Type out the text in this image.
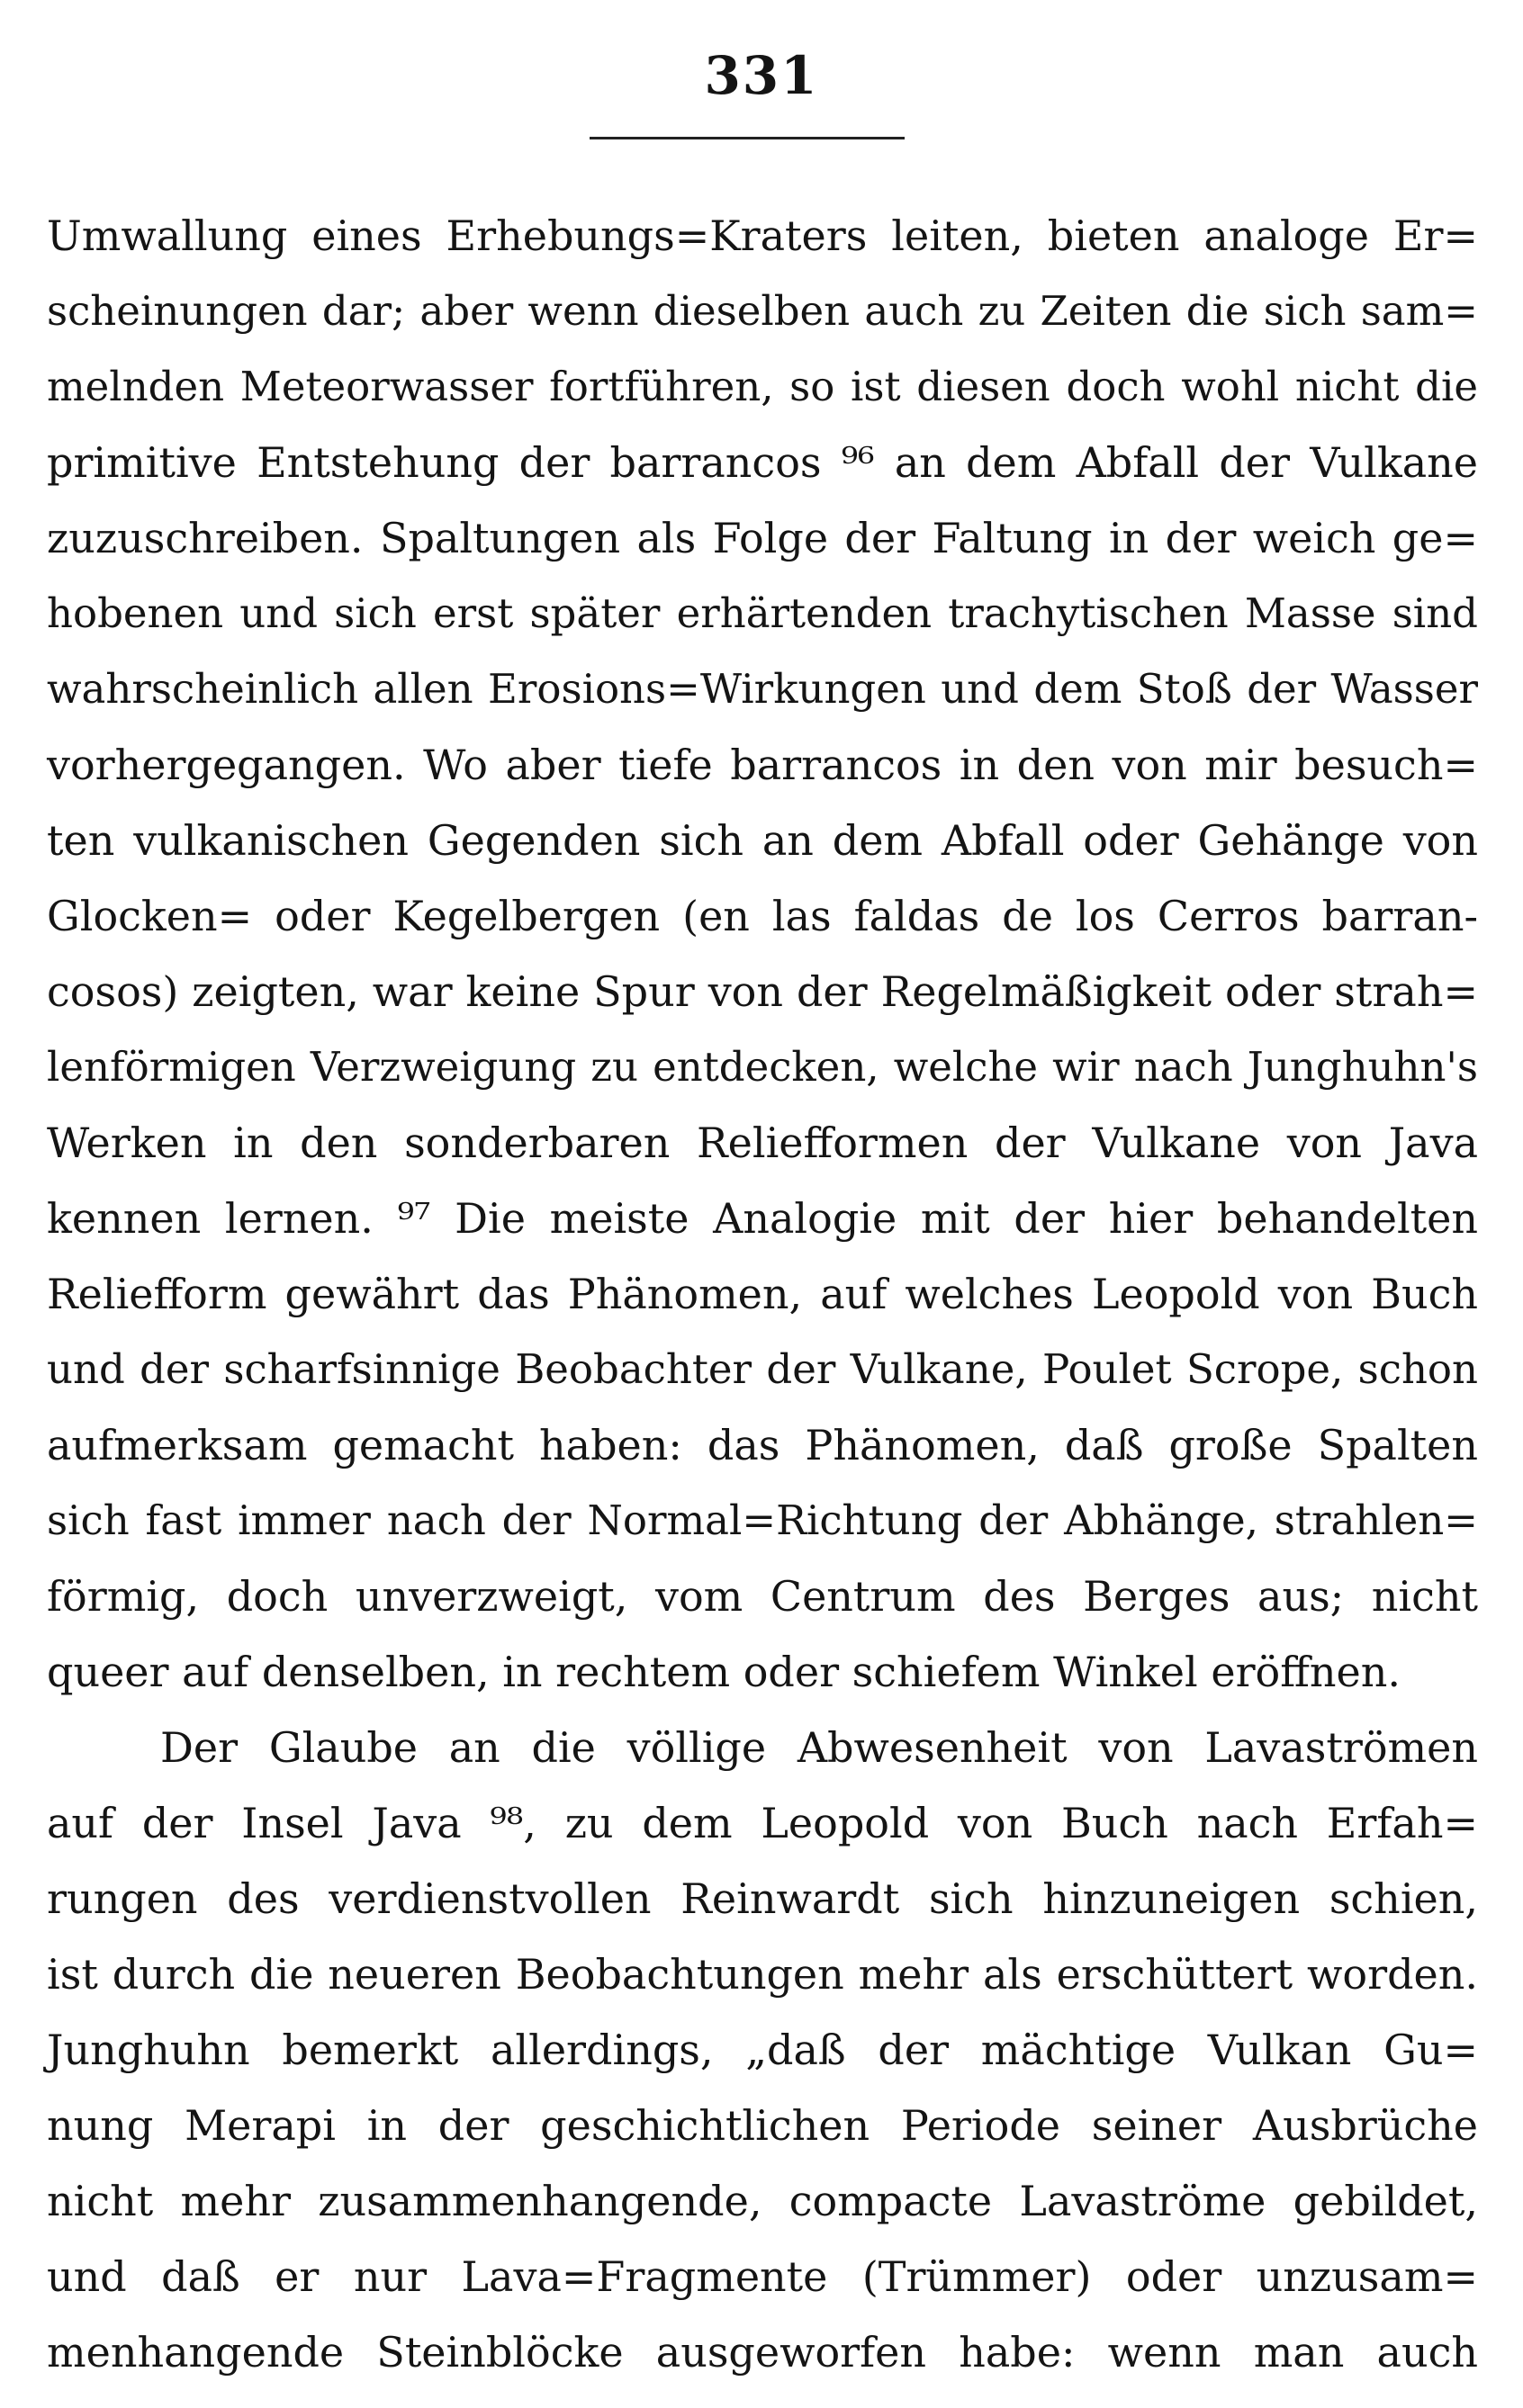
331
Umwallung eines Erhebungs=Kraters leiten, bieten analoge Er=
scheinungen dar; aber wenn dieselben auch zu Zeiten die sich sam=
melnden Meteorwasser fortführen, so ist diesen doch wohl nicht die
primitive Entstehung der barrancos ⁹⁶ an dem Abfall der Vulkane
zuzuschreiben. Spaltungen als Folge der Faltung in der weich ge=
hobenen und sich erst später erhärtenden trachytischen Masse sind
wahrscheinlich allen Erosions=Wirkungen und dem Stoß der Wasser
vorhergegangen. Wo aber tiefe barrancos in den von mir besuch=
ten vulkanischen Gegenden sich an dem Abfall oder Gehänge von
Glocken= oder Kegelbergen (en las faldas de los Cerros barran-
cosos) zeigten, war keine Spur von der Regelmäßigkeit oder strah=
lenförmigen Verzweigung zu entdecken, welche wir nach Junghuhn's
Werken in den sonderbaren Reliefformen der Vulkane von Java
kennen lernen. ⁹⁷ Die meiste Analogie mit der hier behandelten
Reliefform gewährt das Phänomen, auf welches Leopold von Buch
und der scharfsinnige Beobachter der Vulkane, Poulet Scrope, schon
aufmerksam gemacht haben: das Phänomen, daß große Spalten
sich fast immer nach der Normal=Richtung der Abhänge, strahlen=
förmig, doch unverzweigt, vom Centrum des Berges aus; nicht
queer auf denselben, in rechtem oder schiefem Winkel eröffnen.
Der Glaube an die völlige Abwesenheit von Lavaströmen
auf der Insel Java ⁹⁸, zu dem Leopold von Buch nach Erfah=
rungen des verdienstvollen Reinwardt sich hinzuneigen schien,
ist durch die neueren Beobachtungen mehr als erschüttert worden.
Junghuhn bemerkt allerdings, „daß der mächtige Vulkan Gu=
nung Merapi in der geschichtlichen Periode seiner Ausbrüche
nicht mehr zusammenhangende, compacte Lavaströme gebildet,
und daß er nur Lava=Fragmente (Trümmer) oder unzusam=
menhangende Steinblöcke ausgeworfen habe: wenn man auch
